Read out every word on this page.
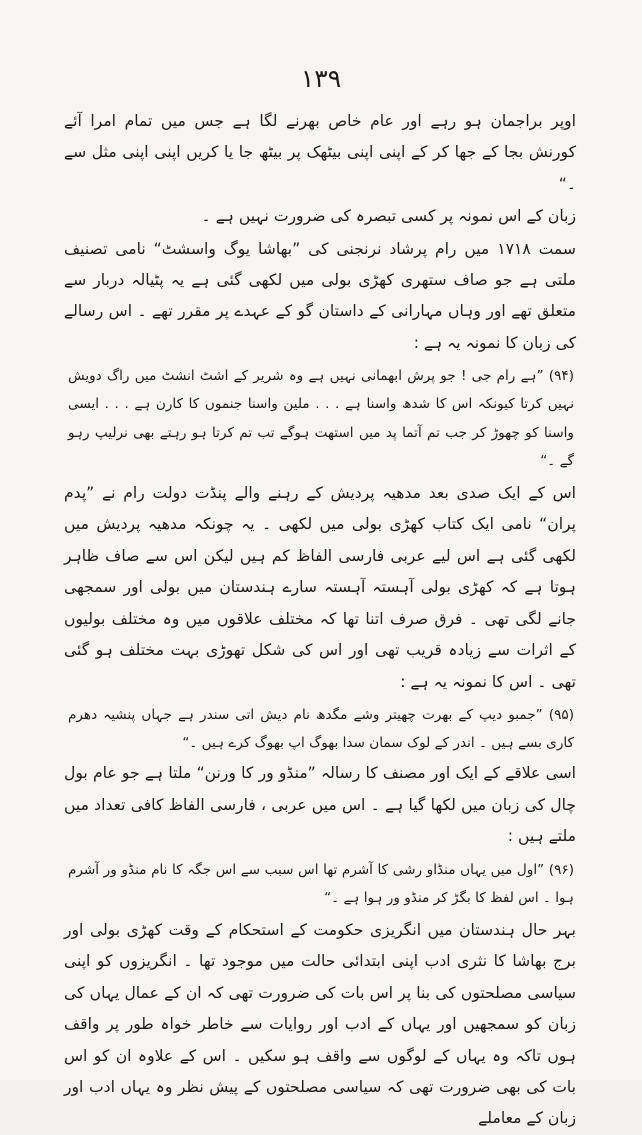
۱۳۹

اوپر براجمان ہو رہے اور عام خاص بھرنے لگا ہے جس میں تمام امرا آئے کورنش بجا کے جھا کر کے اپنی اپنی بیٹھک پر بیٹھ جا یا کریں اپنی اپنی مثل سے ۔“

زبان کے اس نمونہ پر کسی تبصرہ کی ضرورت نہیں ہے ۔

سمت ۱۷۱۸ میں رام پرشاد نرنجنی کی ”بھاشا یوگ واسشٹ“ نامی تصنیف ملتی ہے جو صاف ستھری کھڑی بولی میں لکھی گئی ہے یہ پٹیالہ دربار سے متعلق تھے اور وہاں مہارانی کے داستان گو کے عہدے پر مقرر تھے ۔ اس رسالے کی زبان کا نمونہ یہ ہے :

(۹۴) ”ہے رام جی ! جو پرش ابھمانی نہیں ہے وہ شریر کے اشٹ انشٹ میں راگ دویش نہیں کرتا کیونکہ اس کا شدھ واسنا ہے . . . ملین واسنا جنموں کا کارن ہے . . . ایسی واسنا کو چھوڑ کر جب تم آتما پد میں استھت ہوگے تب تم کرتا ہو رہتے بھی نرلیپ رہو گے ۔“

اس کے ایک صدی بعد مدھیہ پردیش کے رہنے والے پنڈت دولت رام نے ”پدم پران“ نامی ایک کتاب کھڑی بولی میں لکھی ۔ یہ چونکہ مدھیہ پردیش میں لکھی گئی ہے اس لیے عربی فارسی الفاظ کم ہیں لیکن اس سے صاف ظاہر ہوتا ہے کہ کھڑی بولی آہستہ آہستہ سارے ہندستان میں بولی اور سمجھی جانے لگی تھی ۔ فرق صرف اتنا تھا کہ مختلف علاقوں میں وہ مختلف بولیوں کے اثرات سے زیادہ قریب تھی اور اس کی شکل تھوڑی بہت مختلف ہو گئی تھی ۔ اس کا نمونہ یہ ہے :

(۹۵) ”جمبو دیپ کے بھرت چھیتر وشے مگدھ نام دیش اتی سندر ہے جہاں پنشیہ دھرم کاری بسے ہیں ۔ اندر کے لوک سمان سدا بھوگ اپ بھوگ کرے ہیں ۔“

اسی علاقے کے ایک اور مصنف کا رسالہ ”منڈو ور کا ورنن“ ملتا ہے جو عام بول چال کی زبان میں لکھا گیا ہے ۔ اس میں عربی ، فارسی الفاظ کافی تعداد میں ملتے ہیں :

(۹۶) ”اول میں یہاں منڈاو رشی کا آشرم تھا اس سبب سے اس جگہ کا نام منڈو ور آشرم ہوا ۔ اس لفظ کا بگڑ کر منڈو ور ہوا ہے ۔“

بہر حال ہندستان میں انگریزی حکومت کے استحکام کے وقت کھڑی بولی اور برج بھاشا کا نثری ادب اپنی ابتدائی حالت میں موجود تھا ۔ انگریزوں کو اپنی سیاسی مصلحتوں کی بنا پر اس بات کی ضرورت تھی کہ ان کے عمال یہاں کی زبان کو سمجھیں اور یہاں کے ادب اور روایات سے خاطر خواہ طور پر واقف ہوں تاکہ وہ یہاں کے لوگوں سے واقف ہو سکیں ۔ اس کے علاوہ ان کو اس بات کی بھی ضرورت تھی کہ سیاسی مصلحتوں کے پیش نظر وہ یہاں ادب اور زبان کے معاملے
